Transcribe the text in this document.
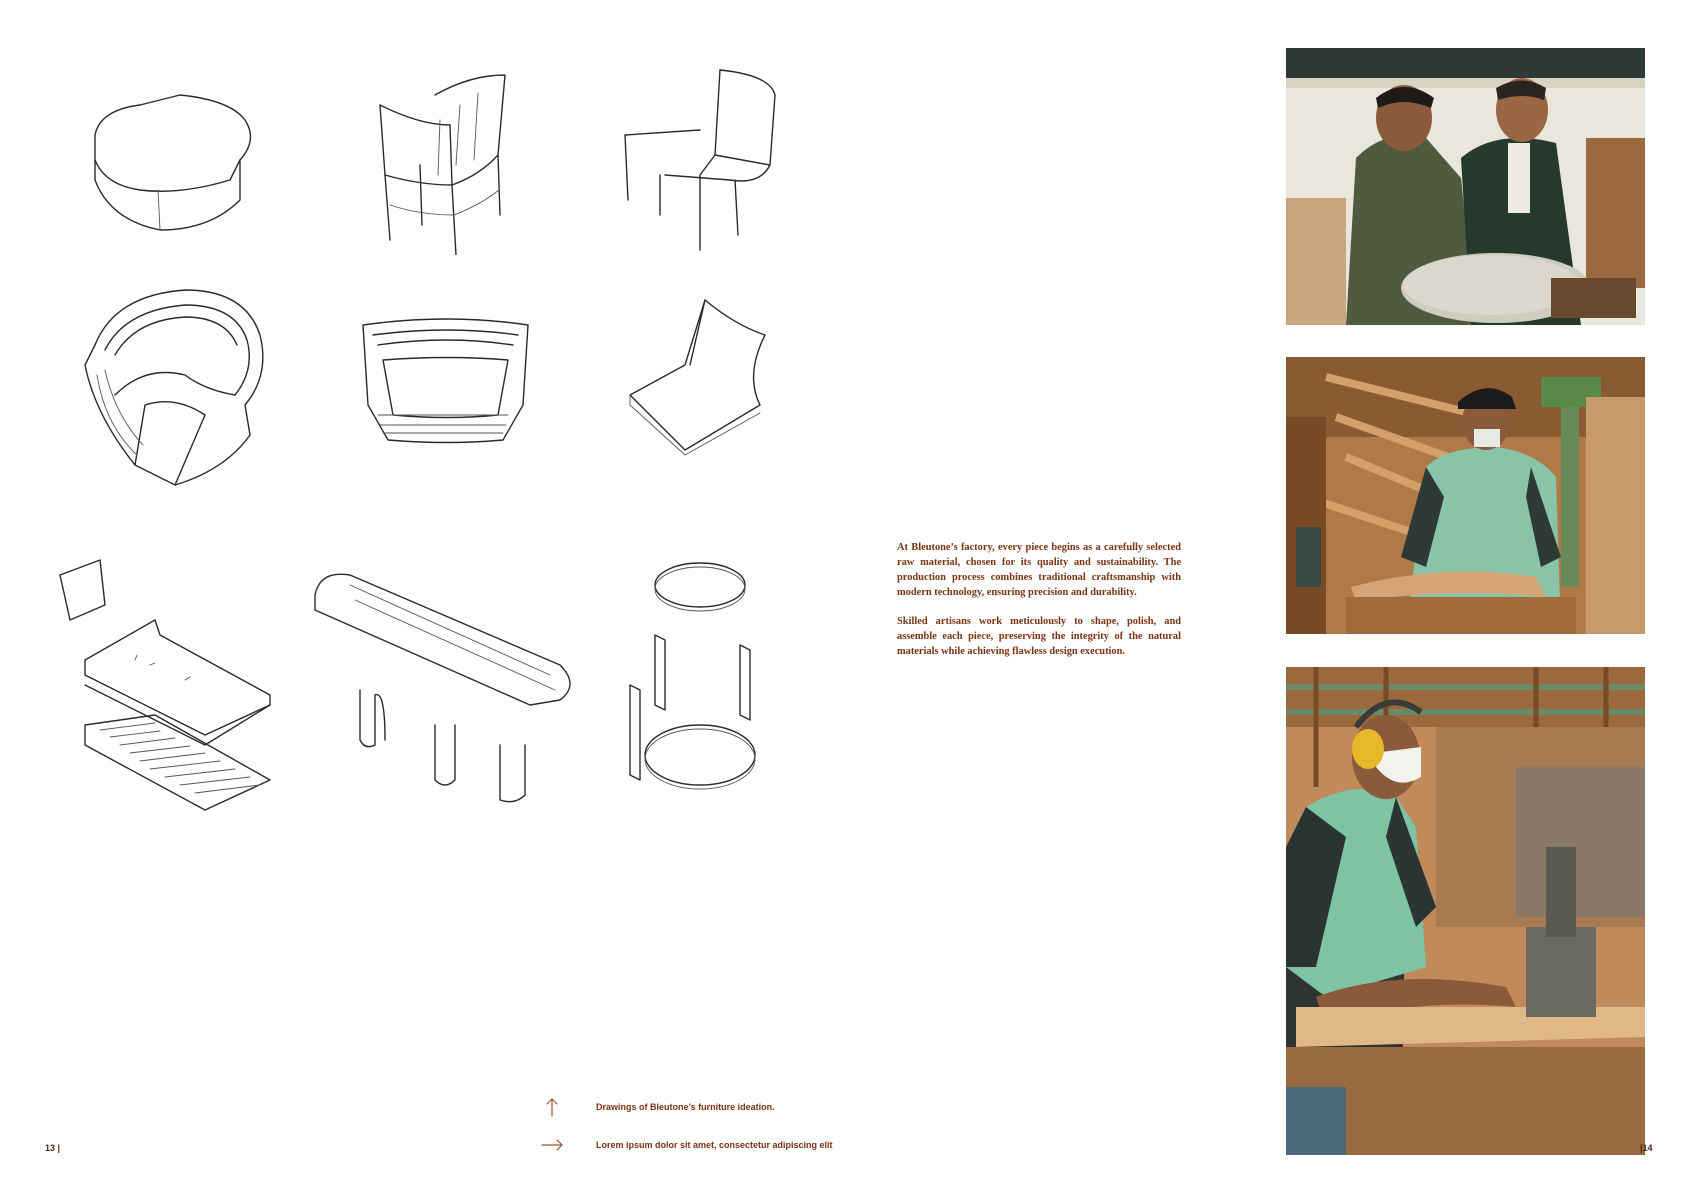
Drawings of Bleutone’s furniture ideation.
Lorem ipsum dolor sit amet, consectetur adipiscing elit
13 |

At Bleutone’s factory, every piece begins as a carefully selected raw material, chosen for its quality and sustainability. The production process combines traditional craftsmanship with modern technology, ensuring precision and durability.

Skilled artisans work meticulously to shape, polish, and assemble each piece, preserving the integrity of the natural materials while achieving flawless design execution.

|14
